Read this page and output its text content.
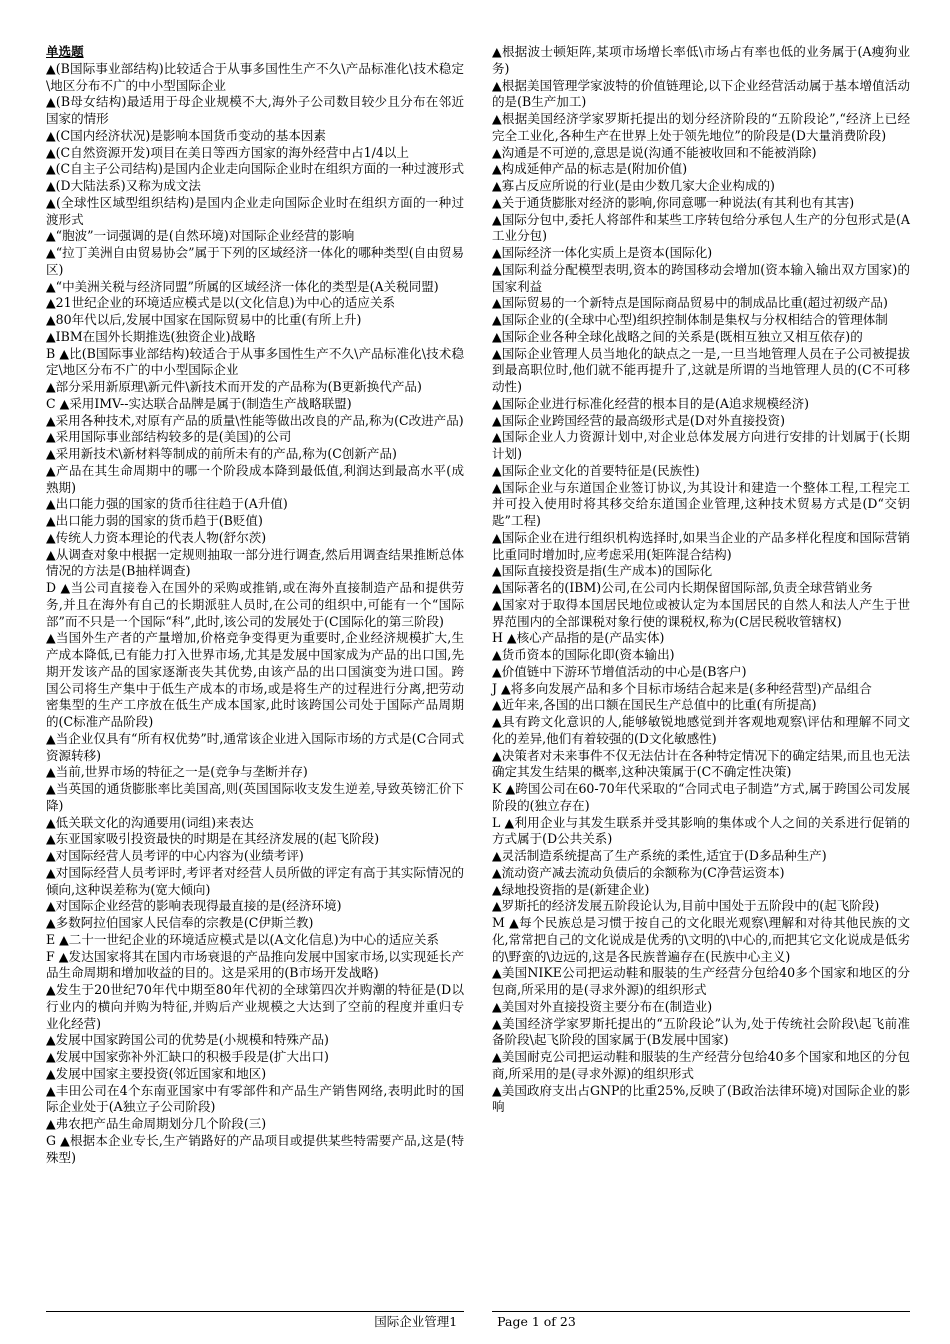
单选题

▲(B国际事业部结构)比较适合于从事多国性生产不久\产品标准化\技术稳定\地区分布不广的中小型国际企业

▲(B母女结构)最适用于母企业规模不大,海外子公司数目较少且分布在邻近国家的情形

▲(C国内经济状况)是影响本国货币变动的基本因素

▲(C自然资源开发)项目在美日等西方国家的海外经营中占1/4以上

▲(C自主子公司结构)是国内企业走向国际企业时在组织方面的一种过渡形式

▲(D大陆法系)又称为成文法

▲(全球性区域型组织结构)是国内企业走向国际企业时在组织方面的一种过渡形式

▲“胞波”一词强调的是(自然环境)对国际企业经营的影响

▲“拉丁美洲自由贸易协会”属于下列的区域经济一体化的哪种类型(自由贸易区)

▲“中美洲关税与经济同盟”所属的区域经济一体化的类型是(A关税同盟)

▲21世纪企业的环境适应模式是以(文化信息)为中心的适应关系

▲80年代以后,发展中国家在国际贸易中的比重(有所上升)

▲IBM在国外长期推选(独资企业)战略

B ▲比(B国际事业部结构)较适合于从事多国性生产不久\产品标准化\技术稳定\地区分布不广的中小型国际企业

▲部分采用新原理\新元件\新技术而开发的产品称为(B更新换代产品)

C ▲采用IMV--实达联合品牌是属于(制造生产战略联盟)

▲采用各种技术,对原有产品的质量\性能等做出改良的产品,称为(C改进产品)

▲采用国际事业部结构较多的是(美国)的公司

▲采用新技术\新材料等制成的前所未有的产品,称为(C创新产品)

▲产品在其生命周期中的哪一个阶段成本降到最低值,利润达到最高水平(成熟期)

▲出口能力强的国家的货币往往趋于(A升值)

▲出口能力弱的国家的货币趋于(B贬值)

▲传统人力资本理论的代表人物(舒尔茨)

▲从调查对象中根据一定规则抽取一部分进行调查,然后用调查结果推断总体情况的方法是(B抽样调查)

D ▲当公司直接卷入在国外的采购或推销,或在海外直接制造产品和提供劳务,并且在海外有自己的长期派驻人员时,在公司的组织中,可能有一个“国际部”而不只是一个国际“科”,此时,该公司的发展处于(C国际化的第三阶段)

▲当国外生产者的产量增加,价格竞争变得更为重要时,企业经济规模扩大,生产成本降低,已有能力打入世界市场,尤其是发展中国家成为产品的出口国,先期开发该产品的国家逐渐丧失其优势,由该产品的出口国演变为进口国。跨国公司将生产集中于低生产成本的市场,或是将生产的过程进行分离,把劳动密集型的生产工序放在低生产成本国家,此时该跨国公司处于国际产品周期的(C标准产品阶段)

▲当企业仅具有“所有权优势”时,通常该企业进入国际市场的方式是(C合同式资源转移)

▲当前,世界市场的特征之一是(竞争与垄断并存)

▲当英国的通货膨胀率比美国高,则(英国国际收支发生逆差,导致英镑汇价下降)

▲低关联文化的沟通要用(词组)来表达

▲东亚国家吸引投资最快的时期是在其经济发展的(起飞阶段)

▲对国际经营人员考评的中心内容为(业绩考评)

▲对国际经营人员考评时,考评者对经营人员所做的评定有高于其实际情况的倾向,这种误差称为(宽大倾向)

▲对国际企业经营的影响表现得最直接的是(经济环境)

▲多数阿拉伯国家人民信奉的宗教是(C伊斯兰教)

E ▲二十一世纪企业的环境适应模式是以(A文化信息)为中心的适应关系

F ▲发达国家将其在国内市场衰退的产品推向发展中国家市场,以实现延长产品生命周期和增加收益的目的。这是采用的(B市场开发战略)

▲发生于20世纪70年代中期至80年代初的全球第四次并购潮的特征是(D以行业内的横向并购为特征,并购后产业规模之大达到了空前的程度并重归专业化经营)

▲发展中国家跨国公司的优势是(小规模和特殊产品)

▲发展中国家弥补外汇缺口的积极手段是(扩大出口)

▲发展中国家主要投资(邻近国家和地区)

▲丰田公司在4个东南亚国家中有零部件和产品生产销售网络,表明此时的国际企业处于(A独立子公司阶段)

▲弗农把产品生命周期划分几个阶段(三)

G ▲根据本企业专长,生产销路好的产品项目或提供某些特需要产品,这是(特殊型)

▲根据波士顿矩阵,某项市场增长率低\市场占有率也低的业务属于(A瘦狗业务)

▲根据美国管理学家波特的价值链理论,以下企业经营活动属于基本增值活动的是(B生产加工)

▲根据美国经济学家罗斯托提出的划分经济阶段的“五阶段论”,“经济上已经完全工业化,各种生产在世界上处于领先地位”的阶段是(D大量消费阶段)

▲沟通是不可逆的,意思是说(沟通不能被收回和不能被消除)

▲构成延伸产品的标志是(附加价值)

▲寡占反应所说的行业(是由少数几家大企业构成的)

▲关于通货膨胀对经济的影响,你同意哪一种说法(有其利也有其害)

▲国际分包中,委托人将部件和某些工序转包给分承包人生产的分包形式是(A工业分包)

▲国际经济一体化实质上是资本(国际化)

▲国际利益分配模型表明,资本的跨国移动会增加(资本输入输出双方国家)的国家利益

▲国际贸易的一个新特点是国际商品贸易中的制成品比重(超过初级产品)

▲国际企业的(全球中心型)组织控制体制是集权与分权相结合的管理体制

▲国际企业各种全球化战略之间的关系是(既相互独立又相互依存)的

▲国际企业管理人员当地化的缺点之一是,一旦当地管理人员在子公司被提拔到最高职位时,他们就不能再提升了,这就是所谓的当地管理人员的(C不可移动性)

▲国际企业进行标准化经营的根本目的是(A追求规模经济)

▲国际企业跨国经营的最高级形式是(D对外直接投资)

▲国际企业人力资源计划中,对企业总体发展方向进行安排的计划属于(长期计划)

▲国际企业文化的首要特征是(民族性)

▲国际企业与东道国企业签订协议,为其设计和建造一个整体工程,工程完工并可投入使用时将其移交给东道国企业管理,这种技术贸易方式是(D“交钥匙”工程)

▲国际企业在进行组织机构选择时,如果当企业的产品多样化程度和国际营销比重同时增加时,应考虑采用(矩阵混合结构)

▲国际直接投资是指(生产成本)的国际化

▲国际著名的(IBM)公司,在公司内长期保留国际部,负责全球营销业务

▲国家对于取得本国居民地位或被认定为本国居民的自然人和法人产生于世界范围内的全部课税对象行使的课税权,称为(C居民税收管辖权)

H ▲核心产品指的是(产品实体)

▲货币资本的国际化即(资本输出)

▲价值链中下游环节增值活动的中心是(B客户)

J ▲将多向发展产品和多个目标市场结合起来是(多种经营型)产品组合

▲近年来,各国的出口额在国民生产总值中的比重(有所提高)

▲具有跨文化意识的人,能够敏锐地感觉到并客观地观察\评估和理解不同文化的差异,他们有着较强的(D文化敏感性)

▲决策者对未来事件不仅无法估计在各种特定情况下的确定结果,而且也无法确定其发生结果的概率,这种决策属于(C不确定性决策)

K ▲跨国公司在60-70年代采取的“合同式电子制造”方式,属于跨国公司发展阶段的(独立存在)

L ▲利用企业与其发生联系并受其影响的集体或个人之间的关系进行促销的方式属于(D公共关系)

▲灵活制造系统提高了生产系统的柔性,适宜于(D多品种生产)

▲流动资产减去流动负债后的余额称为(C净营运资本)

▲绿地投资指的是(新建企业)

▲罗斯托的经济发展五阶段论认为,目前中国处于五阶段中的(起飞阶段)

M ▲每个民族总是习惯于按自己的文化眼光观察\理解和对待其他民族的文化,常常把自己的文化说成是优秀的\文明的\中心的,而把其它文化说成是低劣的\野蛮的\边远的,这是各民族普遍存在(民族中心主义)

▲美国NIKE公司把运动鞋和服装的生产经营分包给40多个国家和地区的分包商,所采用的是(寻求外源)的组织形式

▲美国对外直接投资主要分布在(制造业)

▲美国经济学家罗斯托提出的“五阶段论”认为,处于传统社会阶段\起飞前准备阶段\起飞阶段的国家属于(B发展中国家)

▲美国耐克公司把运动鞋和服装的生产经营分包给40多个国家和地区的分包商,所采用的是(寻求外源)的组织形式

▲美国政府支出占GNP的比重25%,反映了(B政治法律环境)对国际企业的影响

国际企业管理1	Page 1 of 23
